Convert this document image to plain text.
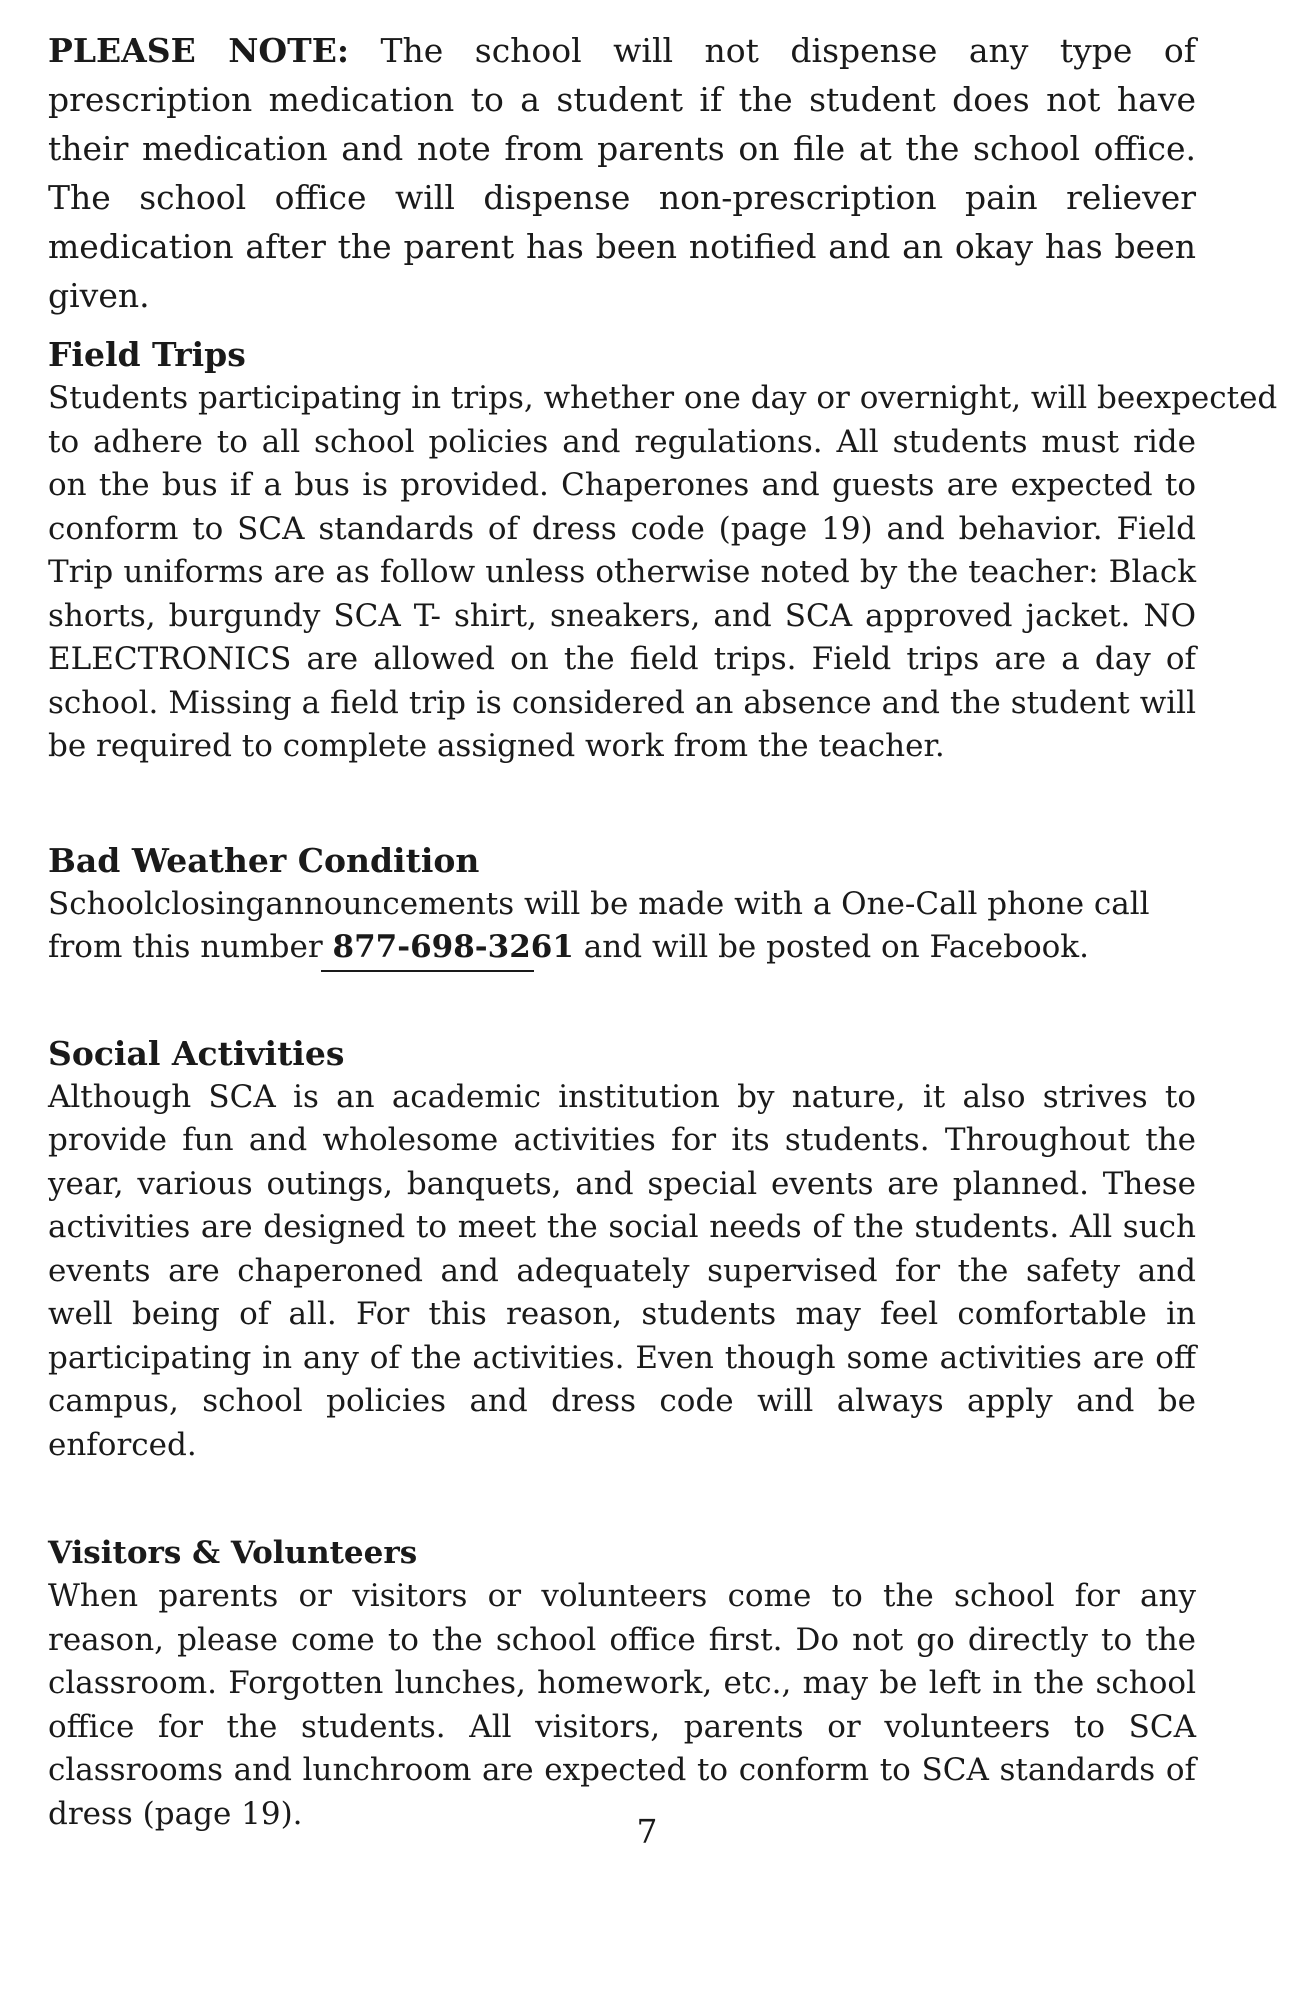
PLEASE NOTE: The school will not dispense any type of prescription medication to a student if the student does not have their medication and note from parents on file at the school office. The school office will dispense non-prescription pain reliever medication after the parent has been notified and an okay has been given.

Field Trips

Students participating in trips, whether one day or overnight, will beexpected to adhere to all school policies and regulations. All students must ride on the bus if a bus is provided. Chaperones and guests are expected to conform to SCA standards of dress code (page 19) and behavior. Field Trip uniforms are as follow unless otherwise noted by the teacher: Black shorts, burgundy SCA T- shirt, sneakers, and SCA approved jacket. NO ELECTRONICS are allowed on the field trips. Field trips are a day of school. Missing a field trip is considered an absence and the student will be required to complete assigned work from the teacher.

Bad Weather Condition

Schoolclosingannouncements will be made with a One-Call phone call from this number 877-698-3261 and will be posted on Facebook.

Social Activities

Although SCA is an academic institution by nature, it also strives to provide fun and wholesome activities for its students. Throughout the year, various outings, banquets, and special events are planned. These activities are designed to meet the social needs of the students. All such events are chaperoned and adequately supervised for the safety and well being of all. For this reason, students may feel comfortable in participating in any of the activities. Even though some activities are off campus, school policies and dress code will always apply and be enforced.

Visitors & Volunteers

When parents or visitors or volunteers come to the school for any reason, please come to the school office first. Do not go directly to the classroom. Forgotten lunches, homework, etc., may be left in the school office for the students. All visitors, parents or volunteers to SCA classrooms and lunchroom are expected to conform to SCA standards of dress (page 19).	7
